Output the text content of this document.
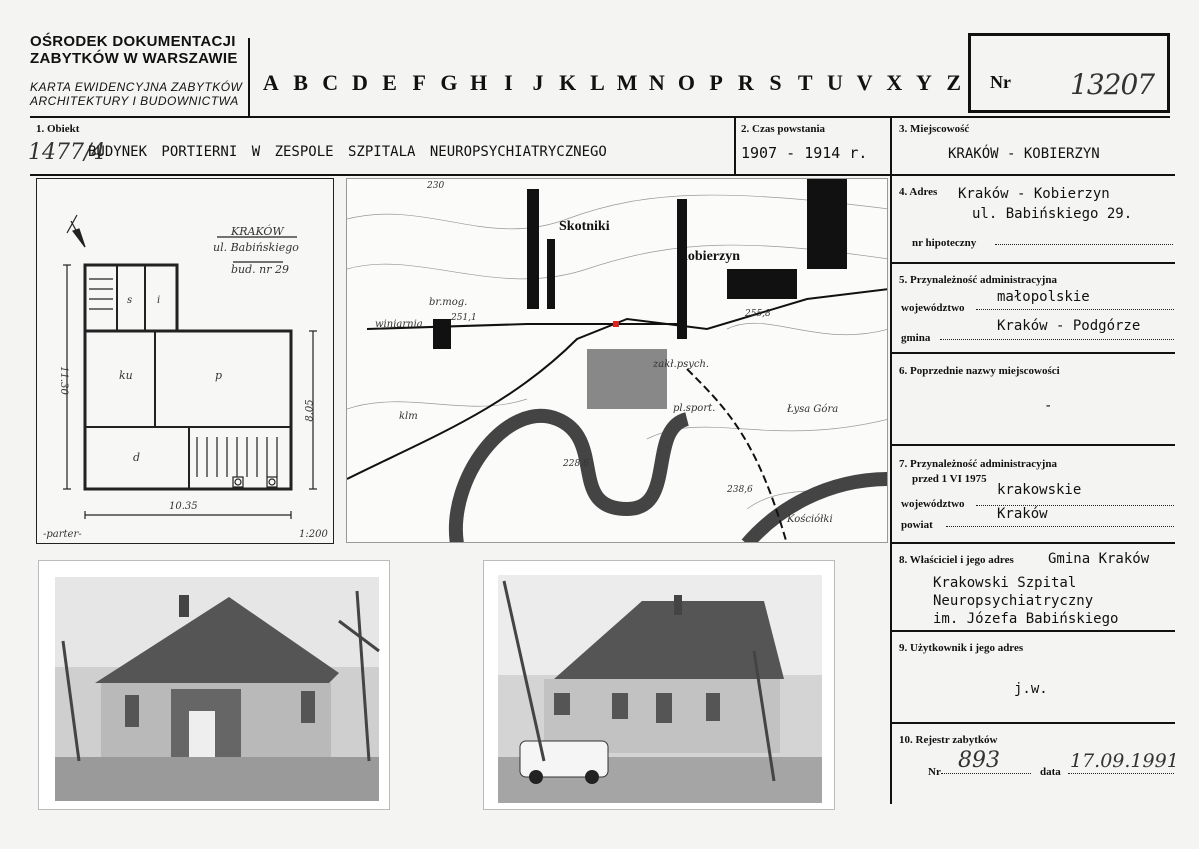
OŚRODEK DOKUMENTACJI
ZABYTKÓW W WARSZAWIE
KARTA EWIDENCYJNA ZABYTKÓW
ARCHITEKTURY I BUDOWNICTWA
A B C D E F G H I J K L M N O P R S T U V X Y Z	Nr 13207
1. Obiekt
1477/4
BUDYNEK PORTIERNI W ZESPOLE SZPITALA NEUROPSYCHIATRYCZNEGO
2. Czas powstania
1907 - 1914 r.
3. Miejscowość
KRAKÓW - KOBIERZYN
4. Adres Kraków - Kobierzyn
ul. Babińskiego 29.
nr hipoteczny
5. Przynależność administracyjna
województwo
małopolskie
gmina
Kraków - Podgórze
6. Poprzednie nazwy miejscowości
-
7. Przynależność administracyjna
przed 1 VI 1975
województwo
krakowskie
powiat
Kraków
8. Właściciel i jego adres Gmina Kraków
Krakowski Szpital
Neuropsychiatryczny
im. Józefa Babińskiego
9. Użytkownik i jego adres
j.w.
10. Rejestr zabytków
Nr 893	data 17.09.1991
KRAKÓW
ul. Babińskiego
bud. nr 29
ku	p
d
s i
11.30
8.05
10.35
-parter-	1:200
Skotniki
Kobierzyn
winiarnia
br.mog.
zakł.psych.
Łysa Góra
Kościółki
pl.sport.
klm
251,1	255,8
228,6
238,6
230
